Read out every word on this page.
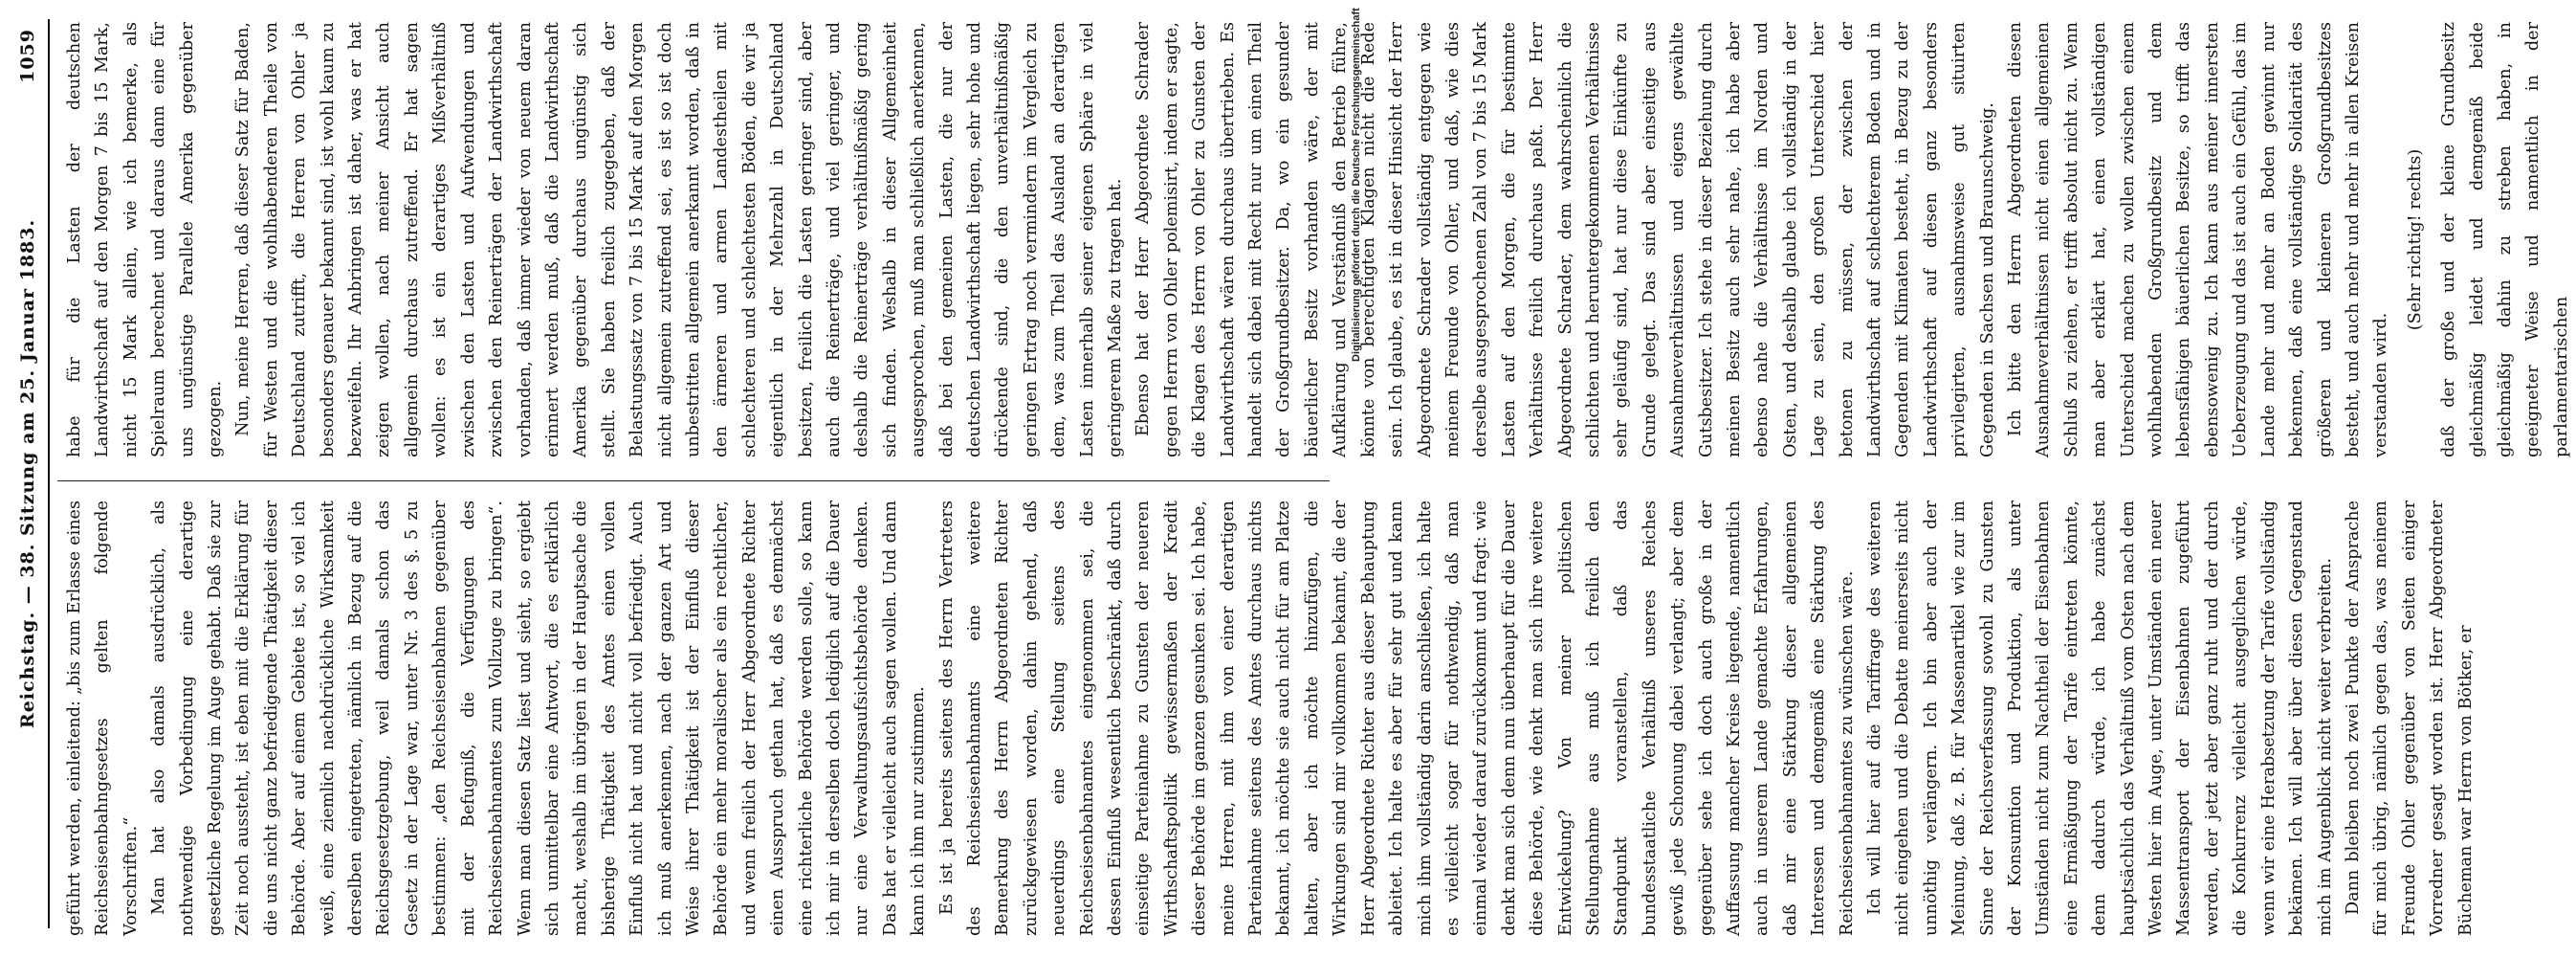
Reichstag. — 38. Sitzung am 25. Januar 1883.
1059

geführt werden, einleitend: „bis zum Erlasse eines Reichseisenbahngesetzes gelten folgende Vorschriften.“ Man hat also damals ausdrücklich, als nothwendige Vorbedingung eine derartige gesetzliche Regelung im Auge gehabt. Daß sie zur Zeit noch aussteht, ist eben mit die Erklärung für die uns nicht ganz befriedigende Thätigkeit dieser Behörde. Aber auf einem Gebiete ist, so viel ich weiß, eine ziemlich nachdrückliche Wirksamkeit derselben eingetreten, nämlich in Bezug auf die Reichsgesetzgebung, weil damals schon das Gesetz in der Lage war, unter Nr. 3 des §. 5 zu bestimmen: „den Reichseisenbahnen gegenüber mit der Befugniß, die Verfügungen des Reichseisenbahnamtes zum Vollzuge zu bringen“. Wenn man diesen Satz liest und sieht, so ergiebt sich unmittelbar eine Antwort, die es erklärlich macht, weshalb im übrigen in der Hauptsache die bisherige Thätigkeit des Amtes einen vollen Einfluß nicht hat und nicht voll befriedigt. Auch ich muß anerkennen, nach der ganzen Art und Weise ihrer Thätigkeit ist der Einfluß dieser Behörde ein mehr moralischer als ein rechtlicher, und wenn freilich der Herr Abgeordnete Richter einen Ausspruch gethan hat, daß es demnächst eine richterliche Behörde werden solle, so kann ich mir in derselben doch lediglich auf die Dauer nur eine Verwaltungsaufsichtsbehörde denken. Das hat er vielleicht auch sagen wollen. Und dann kann ich ihm nur zustimmen. Es ist ja bereits seitens des Herrn Vertreters des Reichseisenbahnamts eine weitere Bemerkung des Herrn Abgeordneten Richter zurückgewiesen worden, dahin gehend, daß neuerdings eine Stellung seitens des Reichseisenbahnamtes eingenommen sei, die dessen Einfluß wesentlich beschränkt, daß durch einseitige Parteinahme zu Gunsten der neueren Wirthschaftspolitik gewissermaßen der Kredit dieser Behörde im ganzen gesunken sei. Ich habe, meine Herren, mit ihm von einer derartigen Parteinahme seitens des Amtes durchaus nichts bekannt, ich möchte sie auch nicht für am Platze halten, aber ich möchte hinzufügen, die Wirkungen sind mir vollkommen bekannt, die der Herr Abgeordnete Richter aus dieser Behauptung ableitet. Ich halte es aber für sehr gut und kann mich ihm vollständig darin anschließen, ich halte es vielleicht sogar für nothwendig, daß man einmal wieder darauf zurückkommt und fragt: wie denkt man sich denn nun überhaupt für die Dauer diese Behörde, wie denkt man sich ihre weitere Entwickelung? Von meiner politischen Stellungnahme aus muß ich freilich den Standpunkt voranstellen, daß das bundesstaatliche Verhältniß unseres Reiches gewiß jede Schonung dabei verlangt; aber dem gegenüber sehe ich doch auch große in der Auffassung mancher Kreise liegende, namentlich auch in unserem Lande gemachte Erfahrungen, daß mir eine Stärkung dieser allgemeinen Interessen und demgemäß eine Stärkung des Reichseisenbahnamtes zu wünschen wäre. Ich will hier auf die Tariffrage des weiteren nicht eingehen und die Debatte meinerseits nicht unnöthig verlängern. Ich bin aber auch der Meinung, daß z. B. für Massenartikel wie zur im Sinne der Reichsverfassung sowohl zu Gunsten der Konsumtion und Produktion, als unter Umständen nicht zum Nachtheil der Eisenbahnen eine Ermäßigung der Tarife eintreten könnte, denn dadurch würde, ich habe zunächst hauptsächlich das Verhältniß vom Osten nach dem Westen hier im Auge, unter Umständen ein neuer Massentransport der Eisenbahnen zugeführt werden, der jetzt aber ganz ruht und der durch die Konkurrenz vielleicht ausgeglichen würde, wenn wir eine Herabsetzung der Tarife vollständig bekämen. Ich will aber über diesen Gegenstand mich im Augenblick nicht weiter verbreiten. Dann bleiben noch zwei Punkte der Ansprache für mich übrig, nämlich gegen das, was meinem Freunde Ohler gegenüber von Seiten einiger Vorredner gesagt worden ist. Herr Abgeordneter Bücheman war Herrn von Bötker, er

habe für die Lasten der deutschen Landwirthschaft auf den Morgen 7 bis 15 Mark, nicht 15 Mark allein, wie ich bemerke, als Spielraum berechnet und daraus dann eine für uns ungünstige Parallele Amerika gegenüber gezogen. Nun, meine Herren, daß dieser Satz für Baden, für Westen und die wohlhabenderen Theile von Deutschland zutrifft, die Herren von Ohler ja besonders genauer bekannt sind, ist wohl kaum zu bezweifeln. Ihr Anbringen ist daher, was er hat zeigen wollen, nach meiner Ansicht auch allgemein durchaus zutreffend. Er hat sagen wollen: es ist ein derartiges Mißverhältniß zwischen den Lasten und Aufwendungen und zwischen den Reinerträgen der Landwirthschaft vorhanden, daß immer wieder von neuem daran erinnert werden muß, daß die Landwirthschaft Amerika gegenüber durchaus ungünstig sich stellt. Sie haben freilich zugegeben, daß der Belastungssatz von 7 bis 15 Mark auf den Morgen nicht allgemein zutreffend sei, es ist so ist doch unbestritten allgemein anerkannt worden, daß in den ärmeren und armen Landestheilen mit schlechteren und schlechtesten Böden, die wir ja eigentlich in der Mehrzahl in Deutschland besitzen, freilich die Lasten geringer sind, aber auch die Reinerträge, und viel geringer, und deshalb die Reinerträge verhältnißmäßig gering sich finden. Weshalb in dieser Allgemeinheit ausgesprochen, muß man schließlich anerkennen, daß bei den gemeinen Lasten, die nur der deutschen Landwirthschaft liegen, sehr hohe und drückende sind, die den unverhältnißmäßig geringen Ertrag noch vermindern im Vergleich zu dem, was zum Theil das Ausland an derartigen Lasten innerhalb seiner eigenen Sphäre in viel geringerem Maße zu tragen hat. Ebenso hat der Herr Abgeordnete Schrader gegen Herrn von Ohler polemisirt, indem er sagte, die Klagen des Herrn von Ohler zu Gunsten der Landwirthschaft wären durchaus übertrieben. Es handelt sich dabei mit Recht nur um einen Theil der Großgrundbesitzer. Da, wo ein gesunder bäuerlicher Besitz vorhanden wäre, der mit Aufklärung und Verständniß den Betrieb führe, könnte von berechtigten Klagen nicht die Rede sein. Ich glaube, es ist in dieser Hinsicht der Herr Abgeordnete Schrader vollständig entgegen wie meinem Freunde von Ohler, und daß, wie dies derselbe ausgesprochenen Zahl von 7 bis 15 Mark Lasten auf den Morgen, die für bestimmte Verhältnisse freilich durchaus paßt. Der Herr Abgeordnete Schrader, dem wahrscheinlich die schlichten und heruntergekommenen Verhältnisse sehr geläufig sind, hat nur diese Einkünfte zu Grunde gelegt. Das sind aber einseitige aus Ausnahmeverhältnissen und eigens gewählte Gutsbesitzer. Ich stehe in dieser Beziehung durch meinen Besitz auch sehr nahe, ich habe aber ebenso nahe die Verhältnisse im Norden und Osten, und deshalb glaube ich vollständig in der Lage zu sein, den großen Unterschied hier betonen zu müssen, der zwischen der Landwirthschaft auf schlechterem Boden und in Gegenden mit Klimaten besteht, in Bezug zu der Landwirthschaft auf diesen ganz besonders privilegirten, ausnahmsweise gut situirten Gegenden in Sachsen und Braunschweig. Ich bitte den Herrn Abgeordneten diesen Ausnahmeverhältnissen nicht einen allgemeinen Schluß zu ziehen, er trifft absolut nicht zu. Wenn man aber erklärt hat, einen vollständigen Unterschied machen zu wollen zwischen einem wohlhabenden Großgrundbesitz und dem lebensfähigen bäuerlichen Besitze, so trifft das ebensowenig zu. Ich kann aus meiner innersten Ueberzeugung und das ist auch ein Gefühl, das im Lande mehr und mehr an Boden gewinnt nur bekennen, daß eine vollständige Solidarität des größeren und kleineren Großgrundbesitzes besteht, und auch mehr und mehr in allen Kreisen verstanden wird.

(Sehr richtig! rechts) daß der große und der kleine Grundbesitz gleichmäßig leidet und demgemäß beide gleichmäßig dahin zu streben haben, in geeigneter Weise und namentlich in der parlamentarischen

Digitalisierung gefördert durch die Deutsche Forschungsgemeinschaft
